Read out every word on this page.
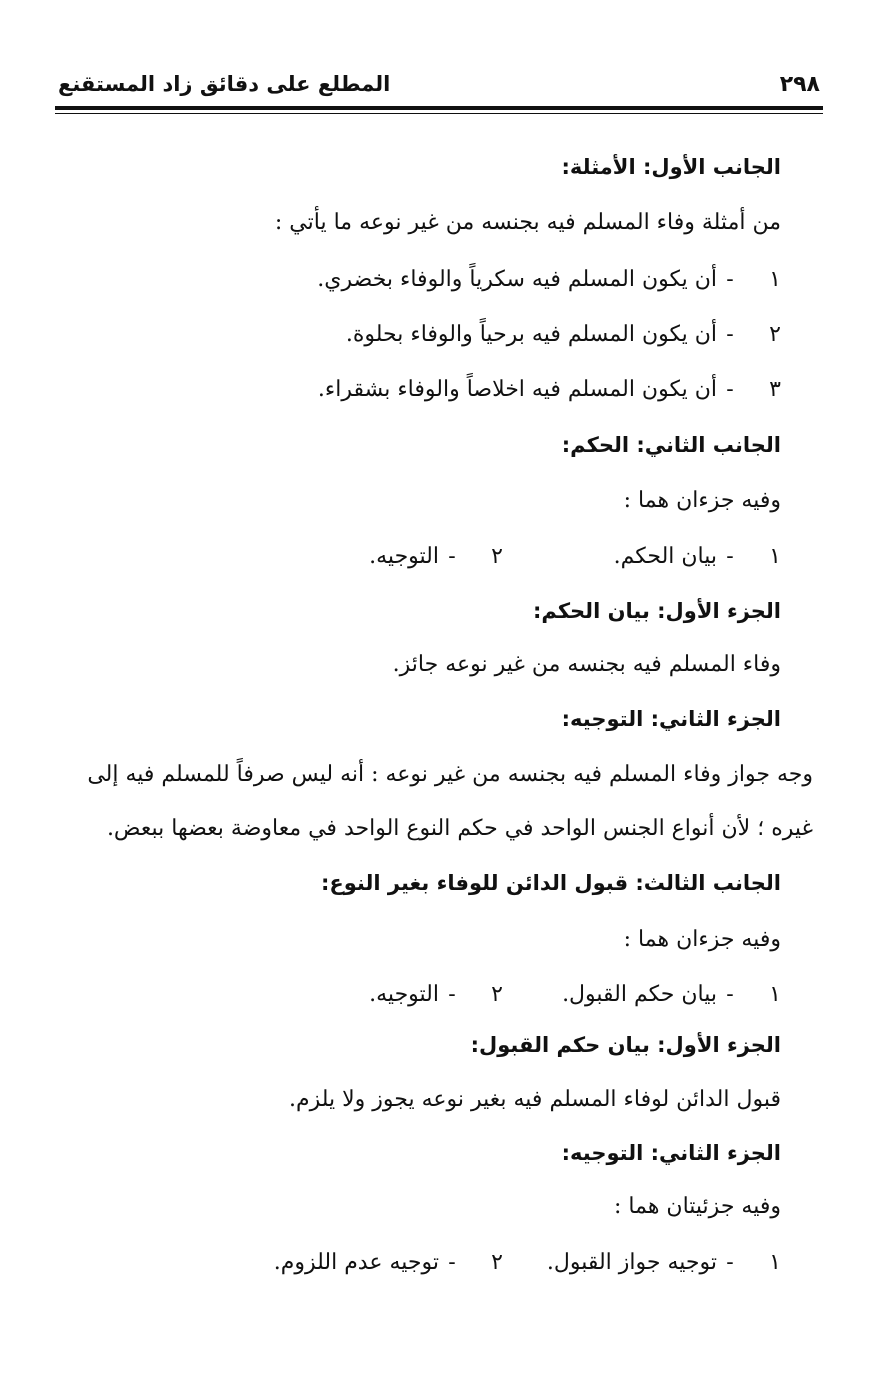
٢٩٨
المطلع على دقائق زاد المستقنع
الجانب الأول: الأمثلة:
من أمثلة وفاء المسلم فيه بجنسه من غير نوعه ما يأتي :
١-أن يكون المسلم فيه سكرياً والوفاء بخضري.
٢-أن يكون المسلم فيه برحياً والوفاء بحلوة.
٣-أن يكون المسلم فيه اخلاصاً والوفاء بشقراء.
الجانب الثاني: الحكم:
وفيه جزءان هما :
١-بيان الحكم.
٢-التوجيه.
الجزء الأول: بيان الحكم:
وفاء المسلم فيه بجنسه من غير نوعه جائز.
الجزء الثاني: التوجيه:
وجه جواز وفاء المسلم فيه بجنسه من غير نوعه : أنه ليس صرفاً للمسلم فيه إلى
غيره ؛ لأن أنواع الجنس الواحد في حكم النوع الواحد في معاوضة بعضها ببعض.
الجانب الثالث: قبول الدائن للوفاء بغير النوع:
وفيه جزءان هما :
١-بيان حكم القبول.
٢-التوجيه.
الجزء الأول: بيان حكم القبول:
قبول الدائن لوفاء المسلم فيه بغير نوعه يجوز ولا يلزم.
الجزء الثاني: التوجيه:
وفيه جزئيتان هما :
١-توجيه جواز القبول.
٢-توجيه عدم اللزوم.
